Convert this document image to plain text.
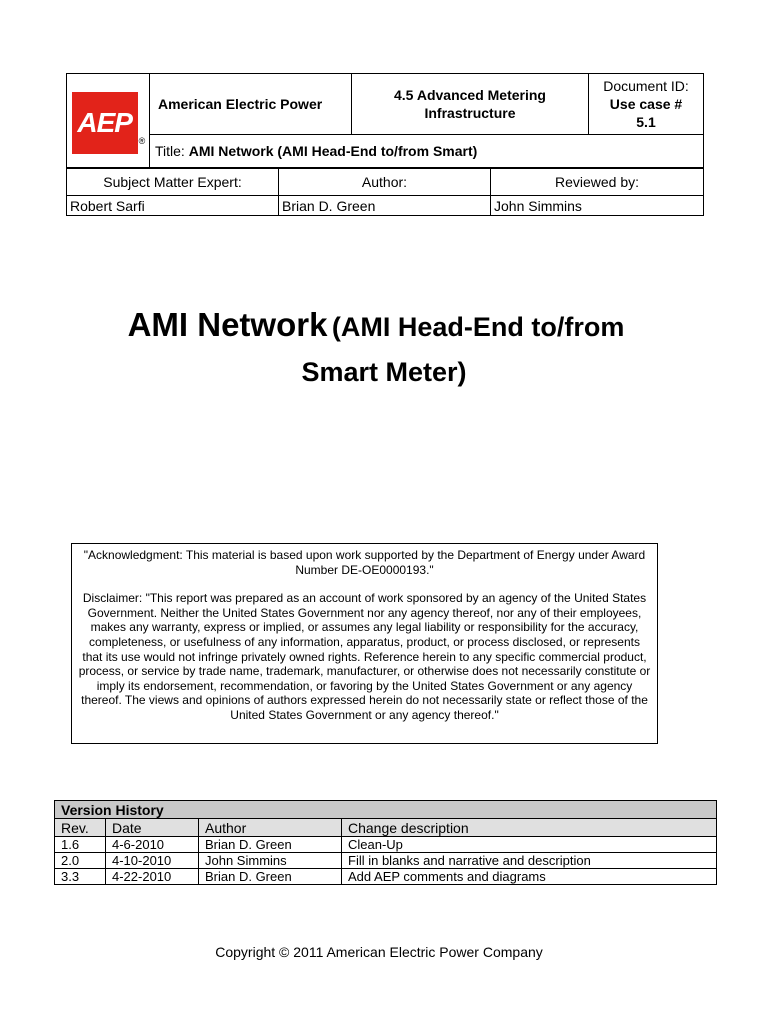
$AEP_®$	American Electric Power	4.5 Advanced Metering Infrastructure	
Document ID:
Use case #
5.1

Title: AMI Network (AMI Head-End to/from Smart)
Subject Matter Expert:	Author:	Reviewed by:
Robert Sarfi	Brian D. Green	John Simmins
AMI Network (AMI Head-End to/from
Smart Meter)

"Acknowledgment: This material is based upon work supported by the Department of Energy under Award Number DE-OE0000193."

Disclaimer: "This report was prepared as an account of work sponsored by an agency of the United States Government. Neither the United States Government nor any agency thereof, nor any of their employees, makes any warranty, express or implied, or assumes any legal liability or responsibility for the accuracy, completeness, or usefulness of any information, apparatus, product, or process disclosed, or represents that its use would not infringe privately owned rights. Reference herein to any specific commercial product, process, or service by trade name, trademark, manufacturer, or otherwise does not necessarily constitute or imply its endorsement, recommendation, or favoring by the United States Government or any agency thereof. The views and opinions of authors expressed herein do not necessarily state or reflect those of the United States Government or any agency thereof."

Version History			
Rev.	Date	Author	Change description
1.6	4-6-2010	Brian D. Green	Clean-Up
2.0	4-10-2010	John Simmins	Fill in blanks and narrative and description
3.3	4-22-2010	Brian D. Green	Add AEP comments and diagrams
Copyright © 2011 American Electric Power Company
